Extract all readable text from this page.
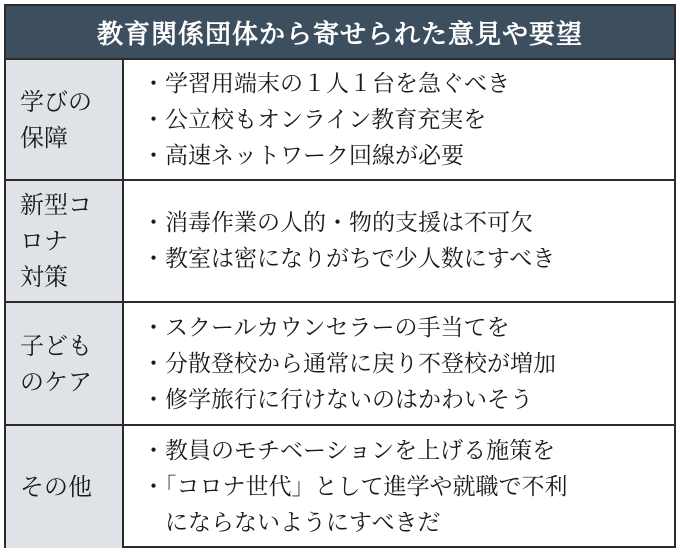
教育関係団体から寄せられた意見や要望
学びの
保障
・学習用端末の１人１台を急ぐべき
・公立校もオンライン教育充実を
・高速ネットワーク回線が必要
新型コ
ロナ
対策
・消毒作業の人的・物的支援は不可欠
・教室は密になりがちで少人数にすべき
子ども
のケア
・スクールカウンセラーの手当てを
・分散登校から通常に戻り不登校が増加
・修学旅行に行けないのはかわいそう
その他
・教員のモチベーションを上げる施策を
・「コロナ世代」として進学や就職で不利
　にならないようにすべきだ
